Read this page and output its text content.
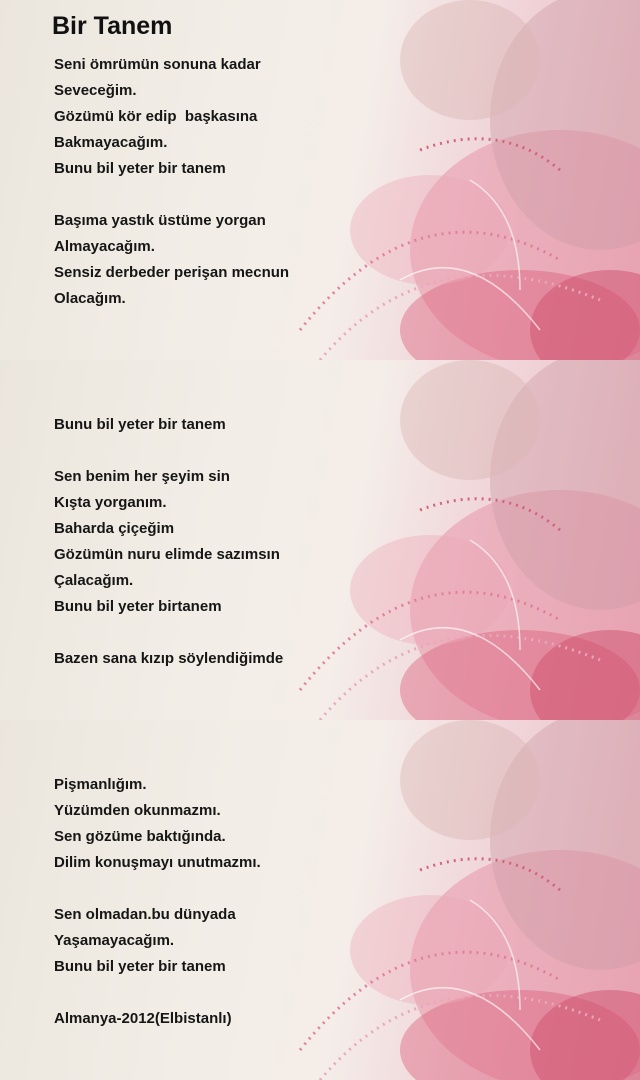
Bir Tanem
Seni ömrümün sonuna kadar
Seveceğim.
Gözümü kör edip  başkasına
Bakmayacağım.
Bunu bil yeter bir tanem
Başıma yastık üstüme yorgan
Almayacağım.
Sensiz derbeder perişan mecnun
Olacağım.
Bunu bil yeter bir tanem
Sen benim her şeyim sin
Kışta yorganım.
Baharda çiçeğim
Gözümün nuru elimde sazımsın
Çalacağım.
Bunu bil yeter birtanem
Bazen sana kızıp söylendiğimde
Pişmanlığım.
Yüzümden okunmazmı.
Sen gözüme baktığında.
Dilim konuşmayı unutmazmı.
Sen olmadan.bu dünyada
Yaşamayacağım.
Bunu bil yeter bir tanem
Almanya-2012(Elbistanlı)
